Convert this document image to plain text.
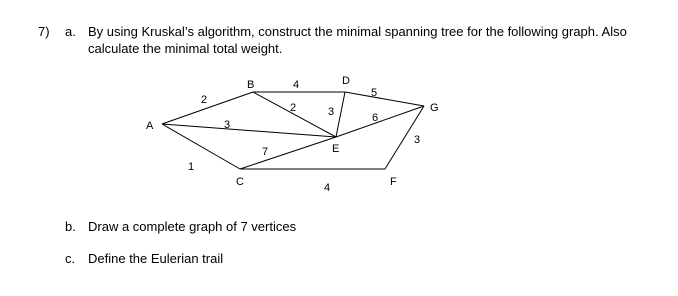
7) a. By using Kruskal’s algorithm, construct the minimal spanning tree for the following graph. Also
calculate the minimal total weight.
A
B
C
D
E
F
G
2
1
3
4
2
7
3
5
6
4
3
b. Draw a complete graph of 7 vertices
c. Define the Eulerian trail
